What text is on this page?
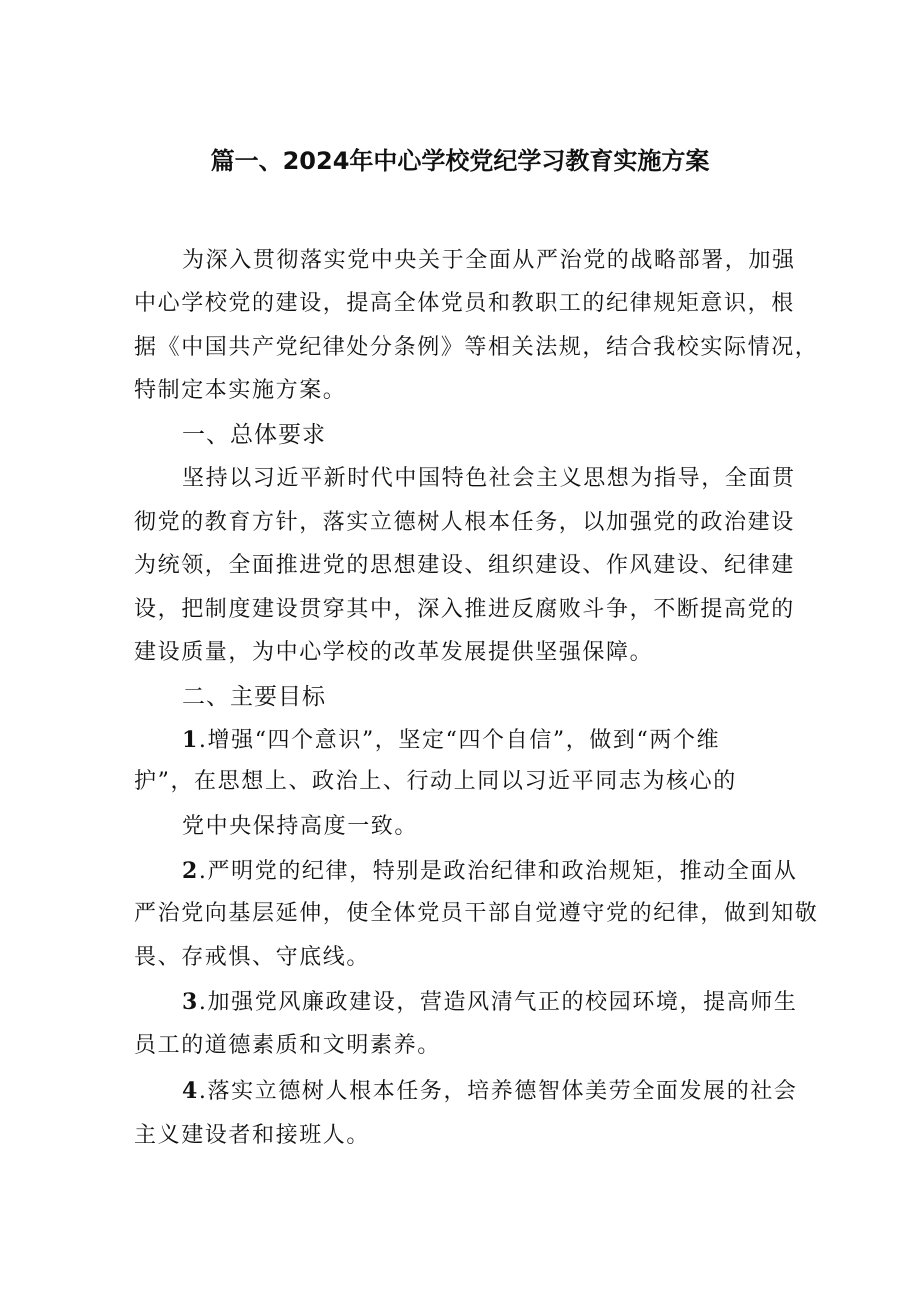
篇一、2024年中心学校党纪学习教育实施方案
为深入贯彻落实党中央关于全面从严治党的战略部署，加强
中心学校党的建设，提高全体党员和教职工的纪律规矩意识，根
据《中国共产党纪律处分条例》等相关法规，结合我校实际情况，
特制定本实施方案。
一、总体要求
坚持以习近平新时代中国特色社会主义思想为指导，全面贯
彻党的教育方针，落实立德树人根本任务，以加强党的政治建设
为统领，全面推进党的思想建设、组织建设、作风建设、纪律建
设，把制度建设贯穿其中，深入推进反腐败斗争，不断提高党的
建设质量，为中心学校的改革发展提供坚强保障。
二、主要目标
1.增强“四个意识”，坚定“四个自信”，做到“两个维
护”，在思想上、政治上、行动上同以习近平同志为核心的
党中央保持高度一致。
2.严明党的纪律，特别是政治纪律和政治规矩，推动全面从
严治党向基层延伸，使全体党员干部自觉遵守党的纪律，做到知敬
畏、存戒惧、守底线。
3.加强党风廉政建设，营造风清气正的校园环境，提高师生
员工的道德素质和文明素养。
4.落实立德树人根本任务，培养德智体美劳全面发展的社会
主义建设者和接班人。
